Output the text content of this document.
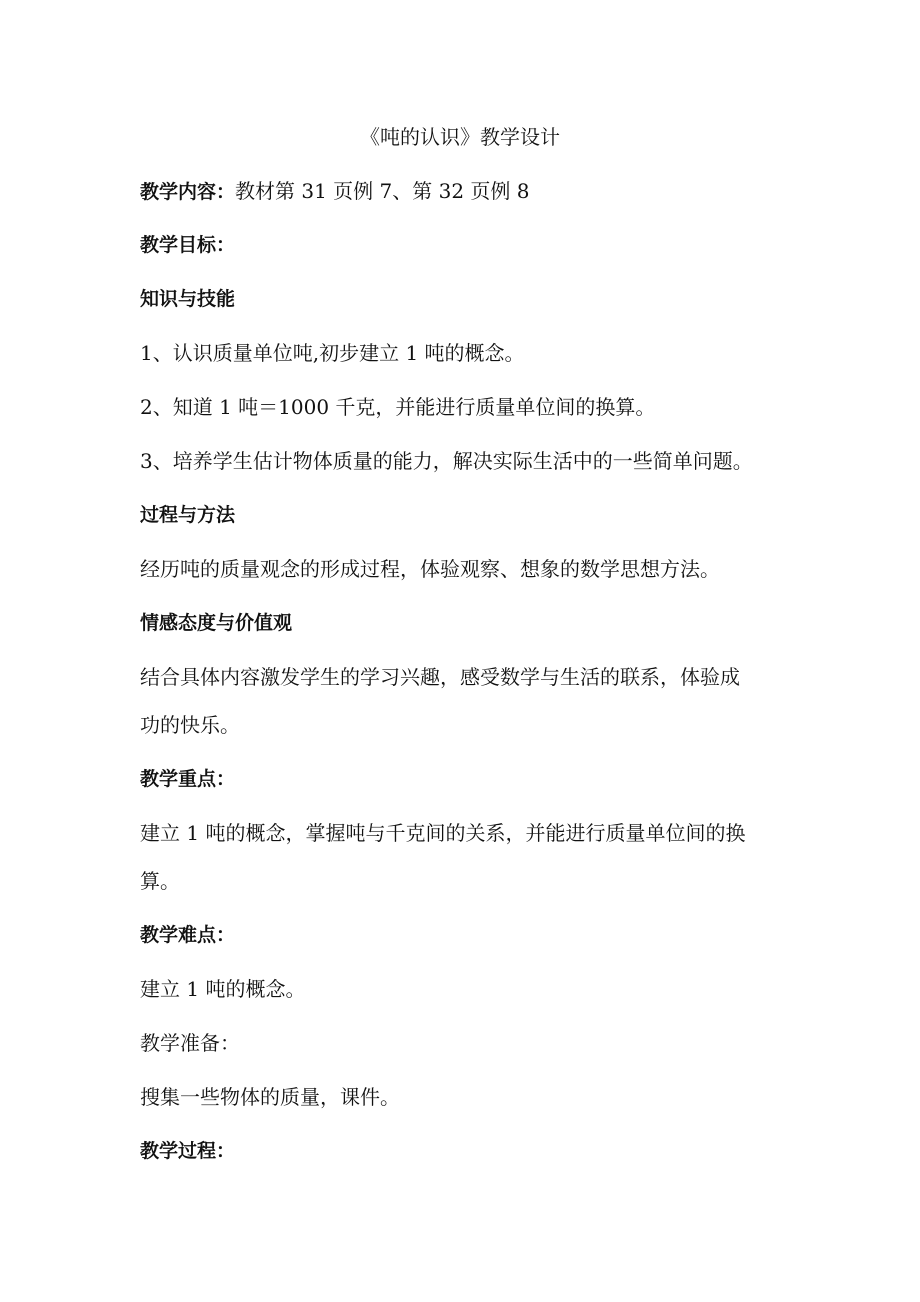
《吨的认识》教学设计
教学内容：教材第 31 页例 7、第 32 页例 8
教学目标：
知识与技能
1、认识质量单位吨,初步建立 1 吨的概念。
2、知道 1 吨＝1000 千克，并能进行质量单位间的换算。
3、培养学生估计物体质量的能力，解决实际生活中的一些简单问题。
过程与方法
经历吨的质量观念的形成过程，体验观察、想象的数学思想方法。
情感态度与价值观
结合具体内容激发学生的学习兴趣，感受数学与生活的联系，体验成
功的快乐。
教学重点：
建立 1 吨的概念，掌握吨与千克间的关系，并能进行质量单位间的换
算。
教学难点：
建立 1 吨的概念。
教学准备：
搜集一些物体的质量，课件。
教学过程：
